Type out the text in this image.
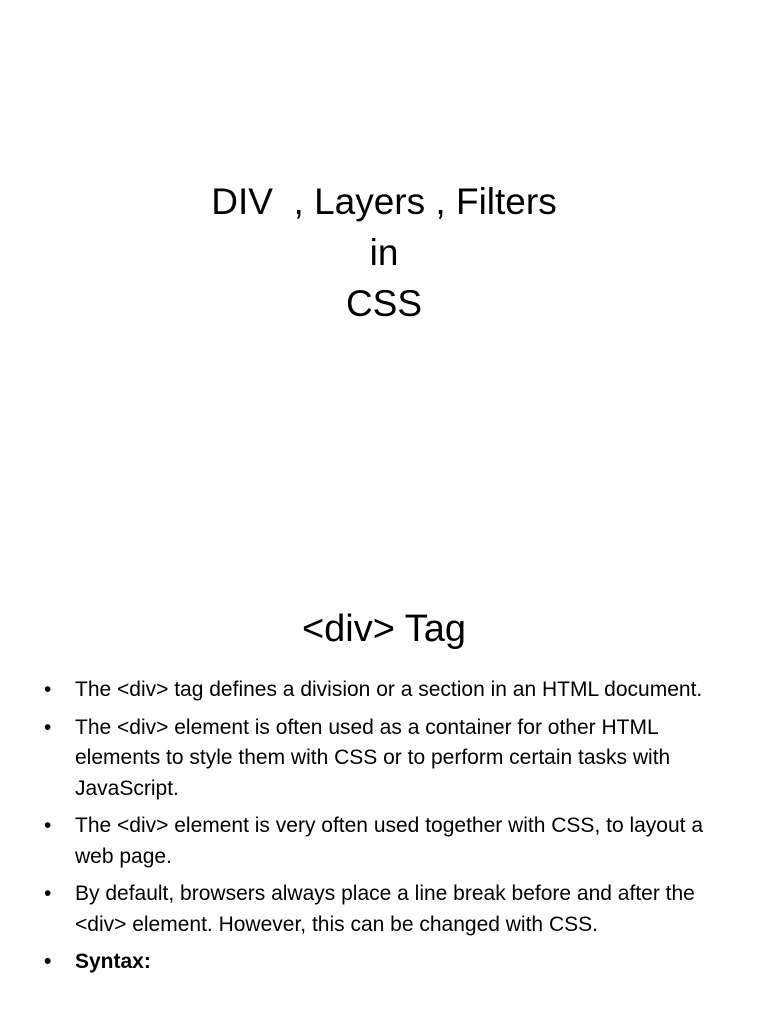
DIV  , Layers , Filters
in
CSS
<div> Tag
• The <div> tag defines a division or a section in an HTML document.
• The <div> element is often used as a container for other HTML elements to style them with CSS or to perform certain tasks with JavaScript.
• The <div> element is very often used together with CSS, to layout a web page.
• By default, browsers always place a line break before and after the <div> element. However, this can be changed with CSS.
• Syntax:
